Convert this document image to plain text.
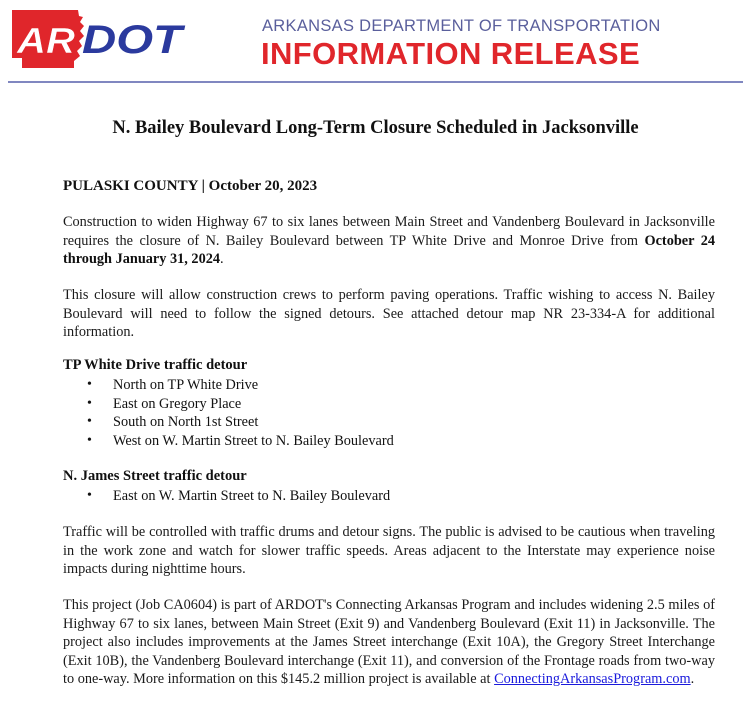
AR DOT	ARKANSAS DEPARTMENT OF TRANSPORTATION
INFORMATION RELEASE
N. Bailey Boulevard Long-Term Closure Scheduled in Jacksonville
PULASKI COUNTY | October 20, 2023
Construction to widen Highway 67 to six lanes between Main Street and Vandenberg Boulevard in Jacksonville requires the closure of N. Bailey Boulevard between TP White Drive and Monroe Drive from October 24 through January 31, 2024.
This closure will allow construction crews to perform paving operations. Traffic wishing to access N. Bailey Boulevard will need to follow the signed detours. See attached detour map NR 23-334-A for additional information.
TP White Drive traffic detour
• North on TP White Drive
• East on Gregory Place
• South on North 1st Street
• West on W. Martin Street to N. Bailey Boulevard
N. James Street traffic detour
• East on W. Martin Street to N. Bailey Boulevard
Traffic will be controlled with traffic drums and detour signs. The public is advised to be cautious when traveling in the work zone and watch for slower traffic speeds. Areas adjacent to the Interstate may experience noise impacts during nighttime hours.
This project (Job CA0604) is part of ARDOT's Connecting Arkansas Program and includes widening 2.5 miles of Highway 67 to six lanes, between Main Street (Exit 9) and Vandenberg Boulevard (Exit 11) in Jacksonville. The project also includes improvements at the James Street interchange (Exit 10A), the Gregory Street Interchange (Exit 10B), the Vandenberg Boulevard interchange (Exit 11), and conversion of the Frontage roads from two-way to one-way. More information on this $145.2 million project is available at ConnectingArkansasProgram.com.
